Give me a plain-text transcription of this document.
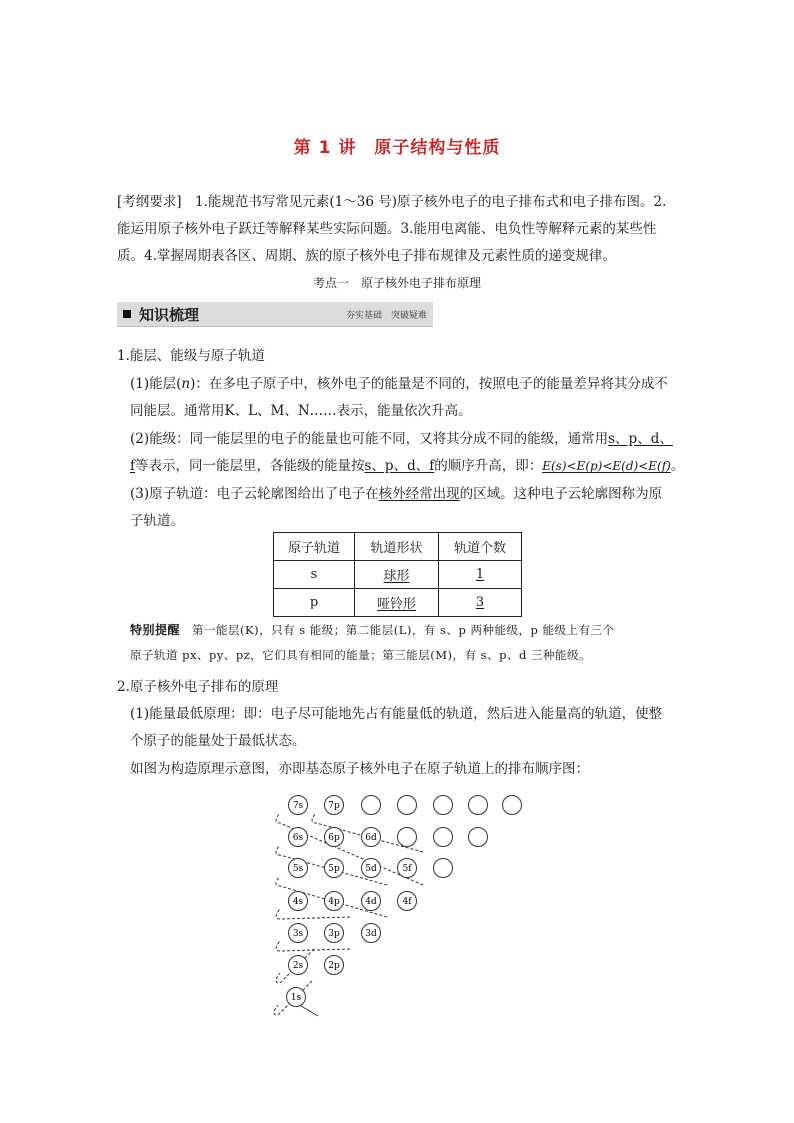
第 1 讲　原子结构与性质
[考纲要求]　1.能规范书写常见元素(1～36 号)原子核外电子的电子排布式和电子排布图。2.
能运用原子核外电子跃迁等解释某些实际问题。3.能用电离能、电负性等解释元素的某些性
质。4.掌握周期表各区、周期、族的原子核外电子排布规律及元素性质的递变规律。
考点一　原子核外电子排布原理
知识梳理	夯实基础　突破疑难
1.能层、能级与原子轨道
(1)能层(n)：在多电子原子中，核外电子的能量是不同的，按照电子的能量差异将其分成不
同能层。通常用K、L、M、N……表示，能量依次升高。
(2)能级：同一能层里的电子的能量也可能不同，又将其分成不同的能级，通常用s、p、d、
f等表示，同一能层里，各能级的能量按s、p、d、f的顺序升高，即：E(s)<E(p)<E(d)<E(f)。
(3)原子轨道：电子云轮廓图给出了电子在核外经常出现的区域。这种电子云轮廓图称为原
子轨道。
原子轨道	轨道形状	轨道个数
s	球形	1
p	哑铃形	3
特别提醒　 第一能层(K)，只有 s 能级；第二能层(L)，有 s、p 两种能级，p 能级上有三个
原子轨道 px、py、pz，它们具有相同的能量；第三能层(M)，有 s、p、d 三种能级。
2.原子核外电子排布的原理
(1)能量最低原理：即：电子尽可能地先占有能量低的轨道，然后进入能量高的轨道，使整
个原子的能量处于最低状态。
如图为构造原理示意图，亦即基态原子核外电子在原子轨道上的排布顺序图：
1s
2s	2p
3s	3p	3d
4s	4p	4d	4f
5s	5p	5d	5f
6s	6p	6d
7s	7p
